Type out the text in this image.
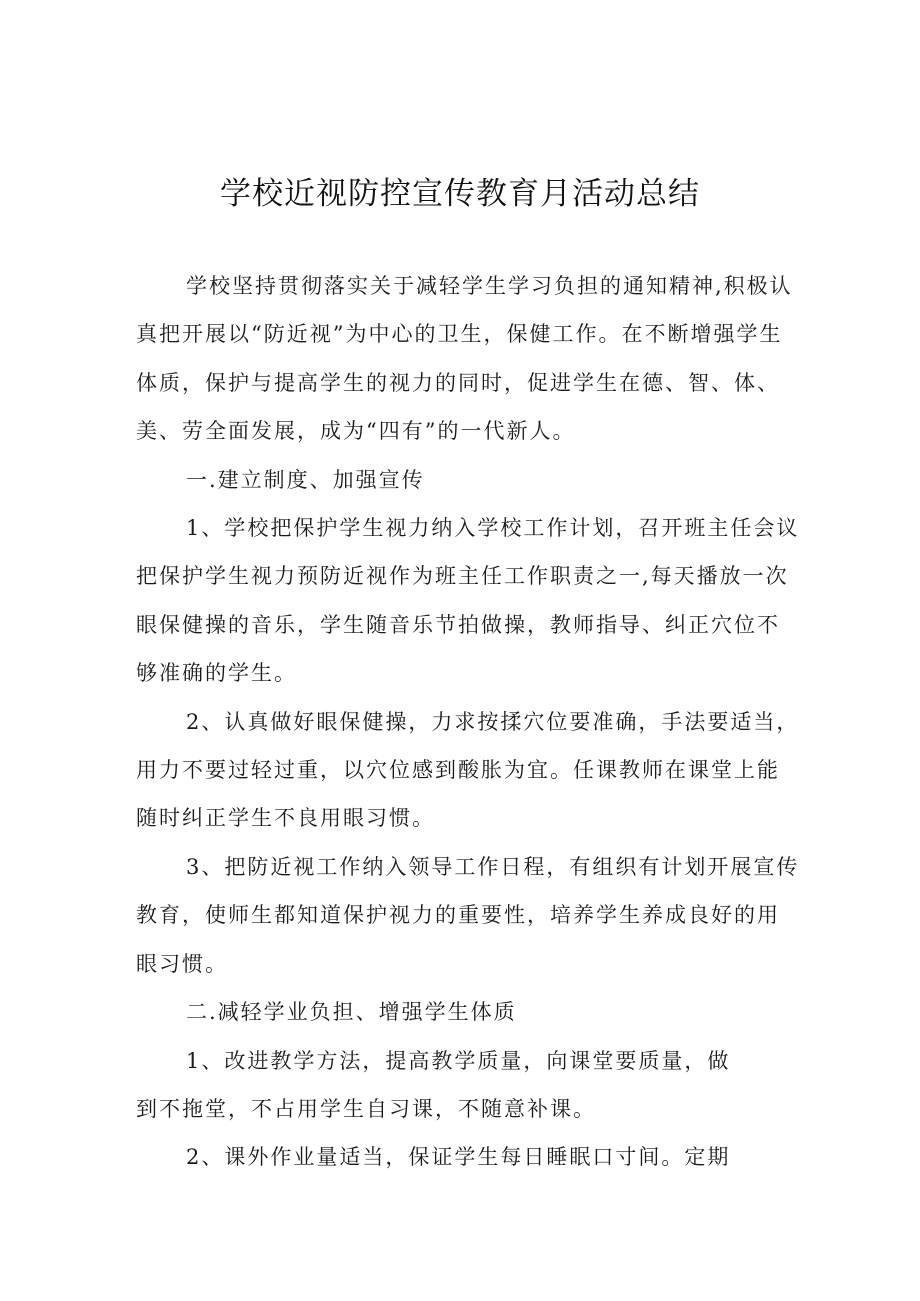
学校近视防控宣传教育月活动总结

学校坚持贯彻落实关于减轻学生学习负担的通知精神,积极认真把开展以“防近视”为中心的卫生，保健工作。在不断增强学生体质，保护与提高学生的视力的同时，促进学生在德、智、体、美、劳全面发展，成为“四有”的一代新人。

一.建立制度、加强宣传

1、学校把保护学生视力纳入学校工作计划，召开班主任会议把保护学生视力预防近视作为班主任工作职责之一,每天播放一次眼保健操的音乐，学生随音乐节拍做操，教师指导、纠正穴位不够准确的学生。

2、认真做好眼保健操，力求按揉穴位要准确，手法要适当，用力不要过轻过重，以穴位感到酸胀为宜。任课教师在课堂上能随时纠正学生不良用眼习惯。

3、把防近视工作纳入领导工作日程，有组织有计划开展宣传教育，使师生都知道保护视力的重要性，培养学生养成良好的用眼习惯。

二.减轻学业负担、增强学生体质

1、改进教学方法，提高教学质量，向课堂要质量，做

到不拖堂，不占用学生自习课，不随意补课。

2、课外作业量适当，保证学生每日睡眠口寸间。定期
